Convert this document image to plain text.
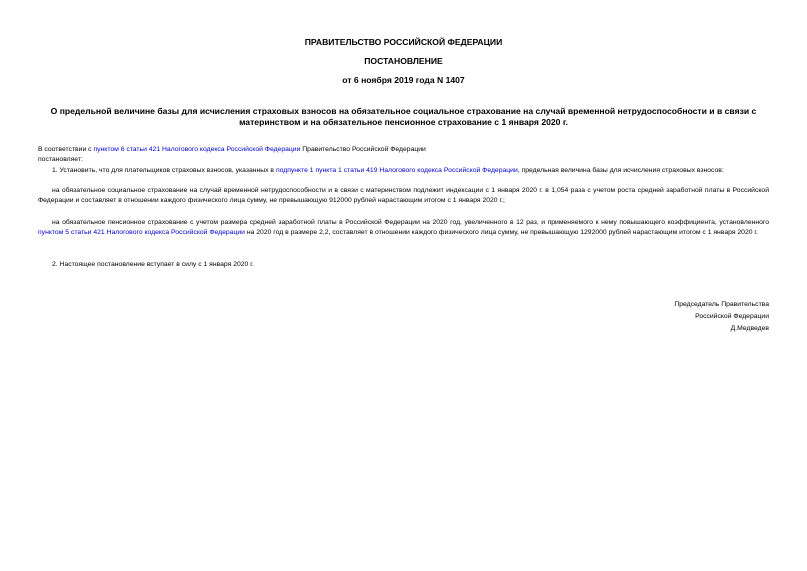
ПРАВИТЕЛЬСТВО РОССИЙСКОЙ ФЕДЕРАЦИИ
ПОСТАНОВЛЕНИЕ
от 6 ноября 2019 года N 1407
О предельной величине базы для исчисления страховых взносов на обязательное социальное страхование на случай временной нетрудоспособности и в связи с материнством и на обязательное пенсионное страхование с 1 января 2020 г.
В соответствии с пунктом 6 статьи 421 Налогового кодекса Российской Федерации Правительство Российской Федерации
постановляет:
1. Установить, что для плательщиков страховых взносов, указанных в подпункте 1 пункта 1 статьи 419 Налогового кодекса Российской Федерации, предельная величина базы для исчисления страховых взносов:
на обязательное социальное страхование на случай временной нетрудоспособности и в связи с материнством подлежит индексации с 1 января 2020 г. в 1,054 раза с учетом роста средней заработной платы в Российской Федерации и составляет в отношении каждого физического лица сумму, не превышающую 912000 рублей нарастающим итогом с 1 января 2020 г.;
на обязательное пенсионное страхование с учетом размера средней заработной платы в Российской Федерации на 2020 год, увеличенного в 12 раз, и применяемого к нему повышающего коэффициента, установленного пунктом 5 статьи 421 Налогового кодекса Российской Федерации на 2020 год в размере 2,2, составляет в отношении каждого физического лица сумму, не превышающую 1292000 рублей нарастающим итогом с 1 января 2020 г.
2. Настоящее постановление вступает в силу с 1 января 2020 г.
Председатель Правительства
Российской Федерации
Д.Медведев
